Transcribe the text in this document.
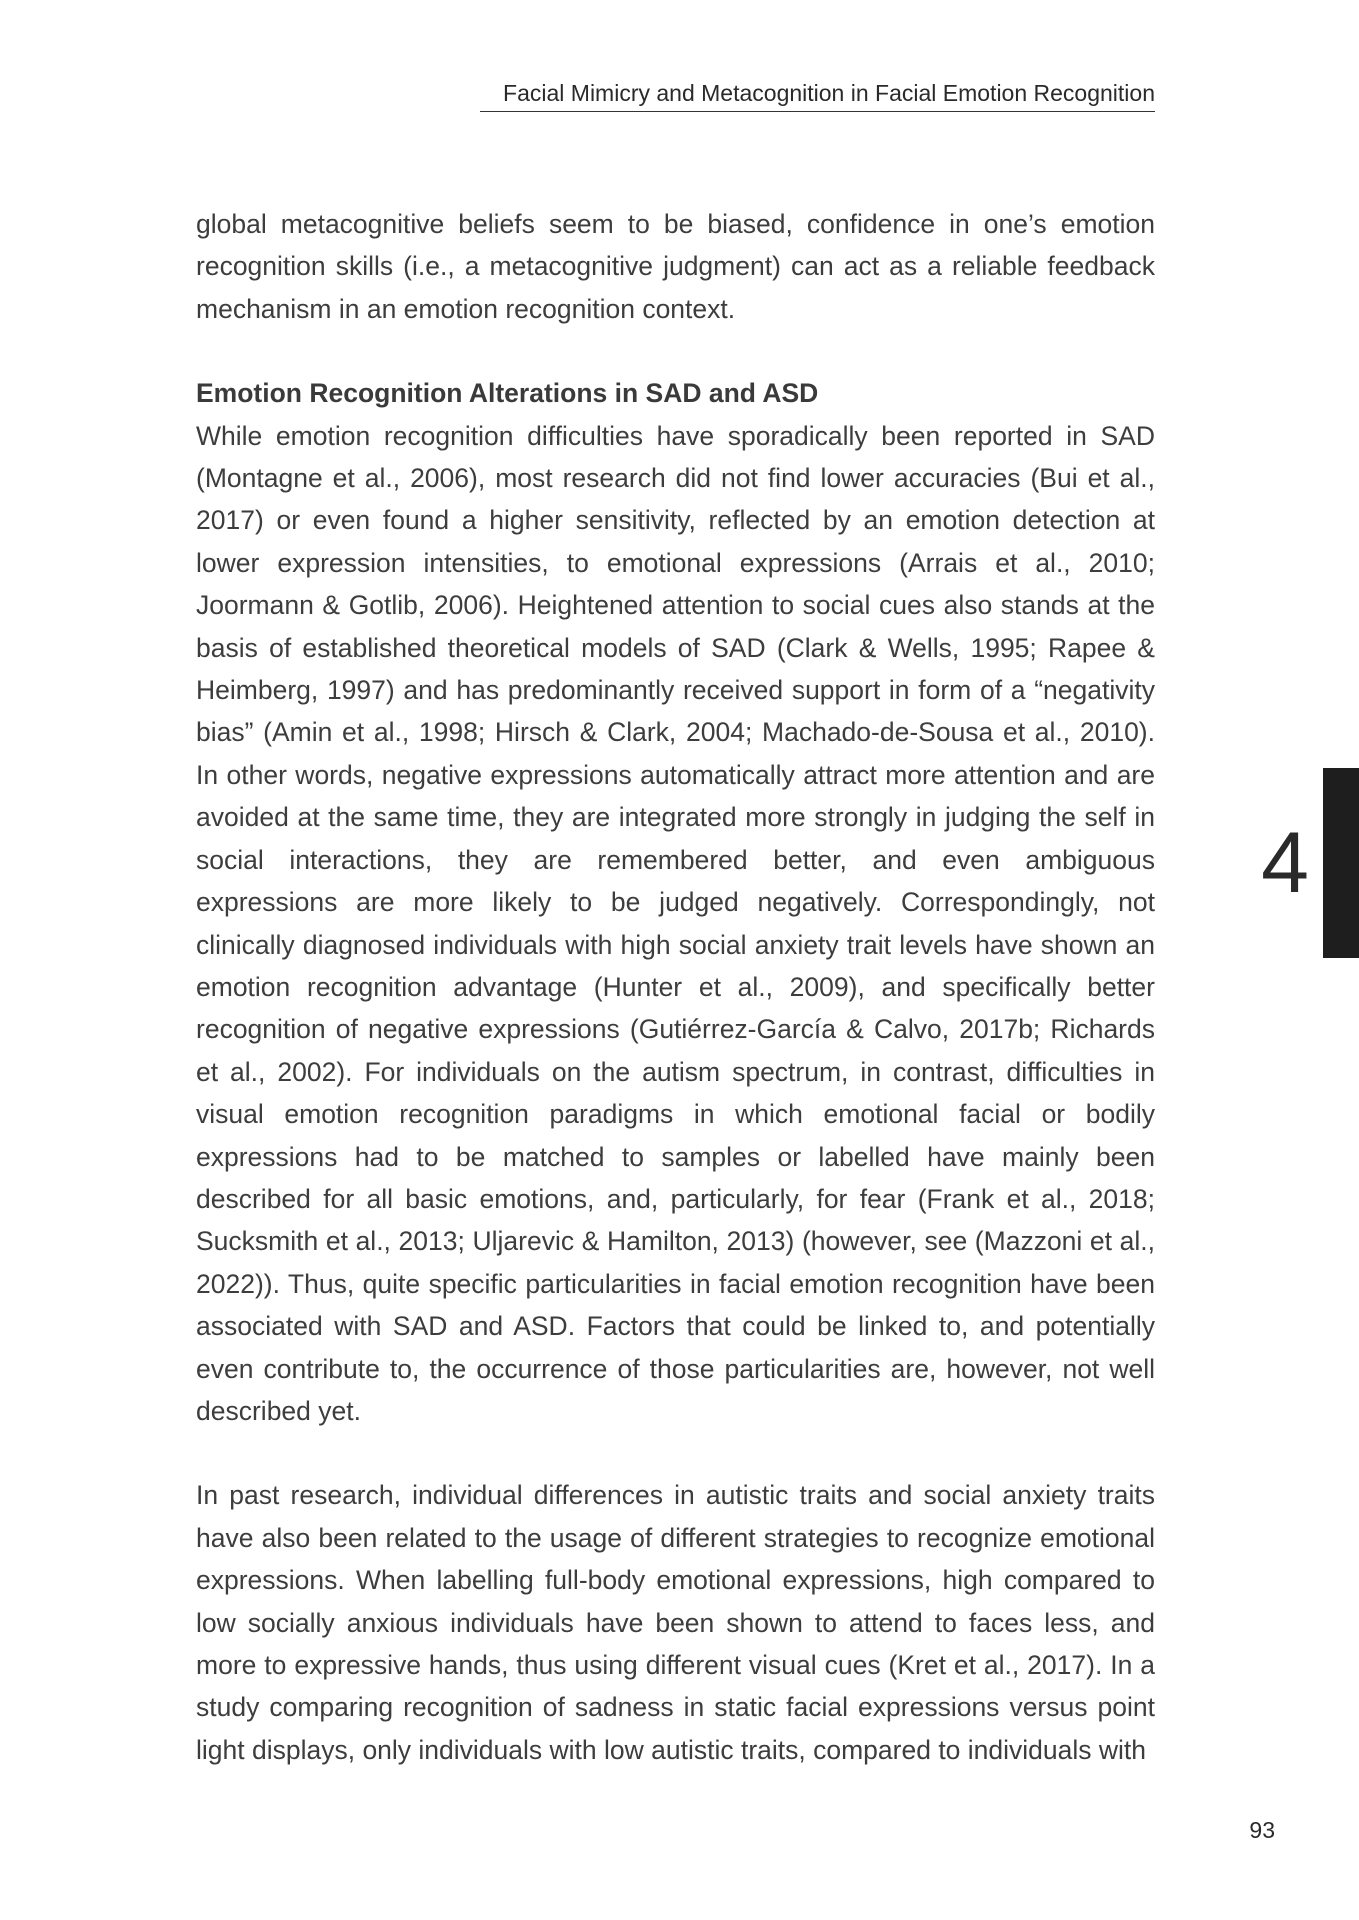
Facial Mimicry and Metacognition in Facial Emotion Recognition

global metacognitive beliefs seem to be biased, confidence in one’s emotion recognition skills (i.e., a metacognitive judgment) can act as a reliable feedback mechanism in an emotion recognition context.

Emotion Recognition Alterations in SAD and ASD

While emotion recognition difficulties have sporadically been reported in SAD (Montagne et al., 2006), most research did not find lower accuracies (Bui et al., 2017) or even found a higher sensitivity, reflected by an emotion detection at lower expression intensities, to emotional expressions (Arrais et al., 2010; Joormann & Gotlib, 2006). Heightened attention to social cues also stands at the basis of established theoretical models of SAD (Clark & Wells, 1995; Rapee & Heimberg, 1997) and has predominantly received support in form of a “negativity bias” (Amin et al., 1998; Hirsch & Clark, 2004; Machado-de-Sousa et al., 2010). In other words, negative expressions automatically attract more attention and are avoided at the same time, they are integrated more strongly in judging the self in social interactions, they are remembered better, and even ambiguous expressions are more likely to be judged negatively. Correspondingly, not clinically diagnosed individuals with high social anxiety trait levels have shown an emotion recognition advantage (Hunter et al., 2009), and specifically better recognition of negative expressions (Gutiérrez-García & Calvo, 2017b; Richards et al., 2002). For individuals on the autism spectrum, in contrast, difficulties in visual emotion recognition paradigms in which emotional facial or bodily expressions had to be matched to samples or labelled have mainly been described for all basic emotions, and, particularly, for fear (Frank et al., 2018; Sucksmith et al., 2013; Uljarevic & Hamilton, 2013) (however, see (Mazzoni et al., 2022)). Thus, quite specific particularities in facial emotion recognition have been associated with SAD and ASD. Factors that could be linked to, and potentially even contribute to, the occurrence of those particularities are, however, not well described yet.

In past research, individual differences in autistic traits and social anxiety traits have also been related to the usage of different strategies to recognize emotional expressions. When labelling full-body emotional expressions, high compared to low socially anxious individuals have been shown to attend to faces less, and more to expressive hands, thus using different visual cues (Kret et al., 2017). In a study comparing recognition of sadness in static facial expressions versus point light displays, only individuals with low autistic traits, compared to individuals with

4
93
